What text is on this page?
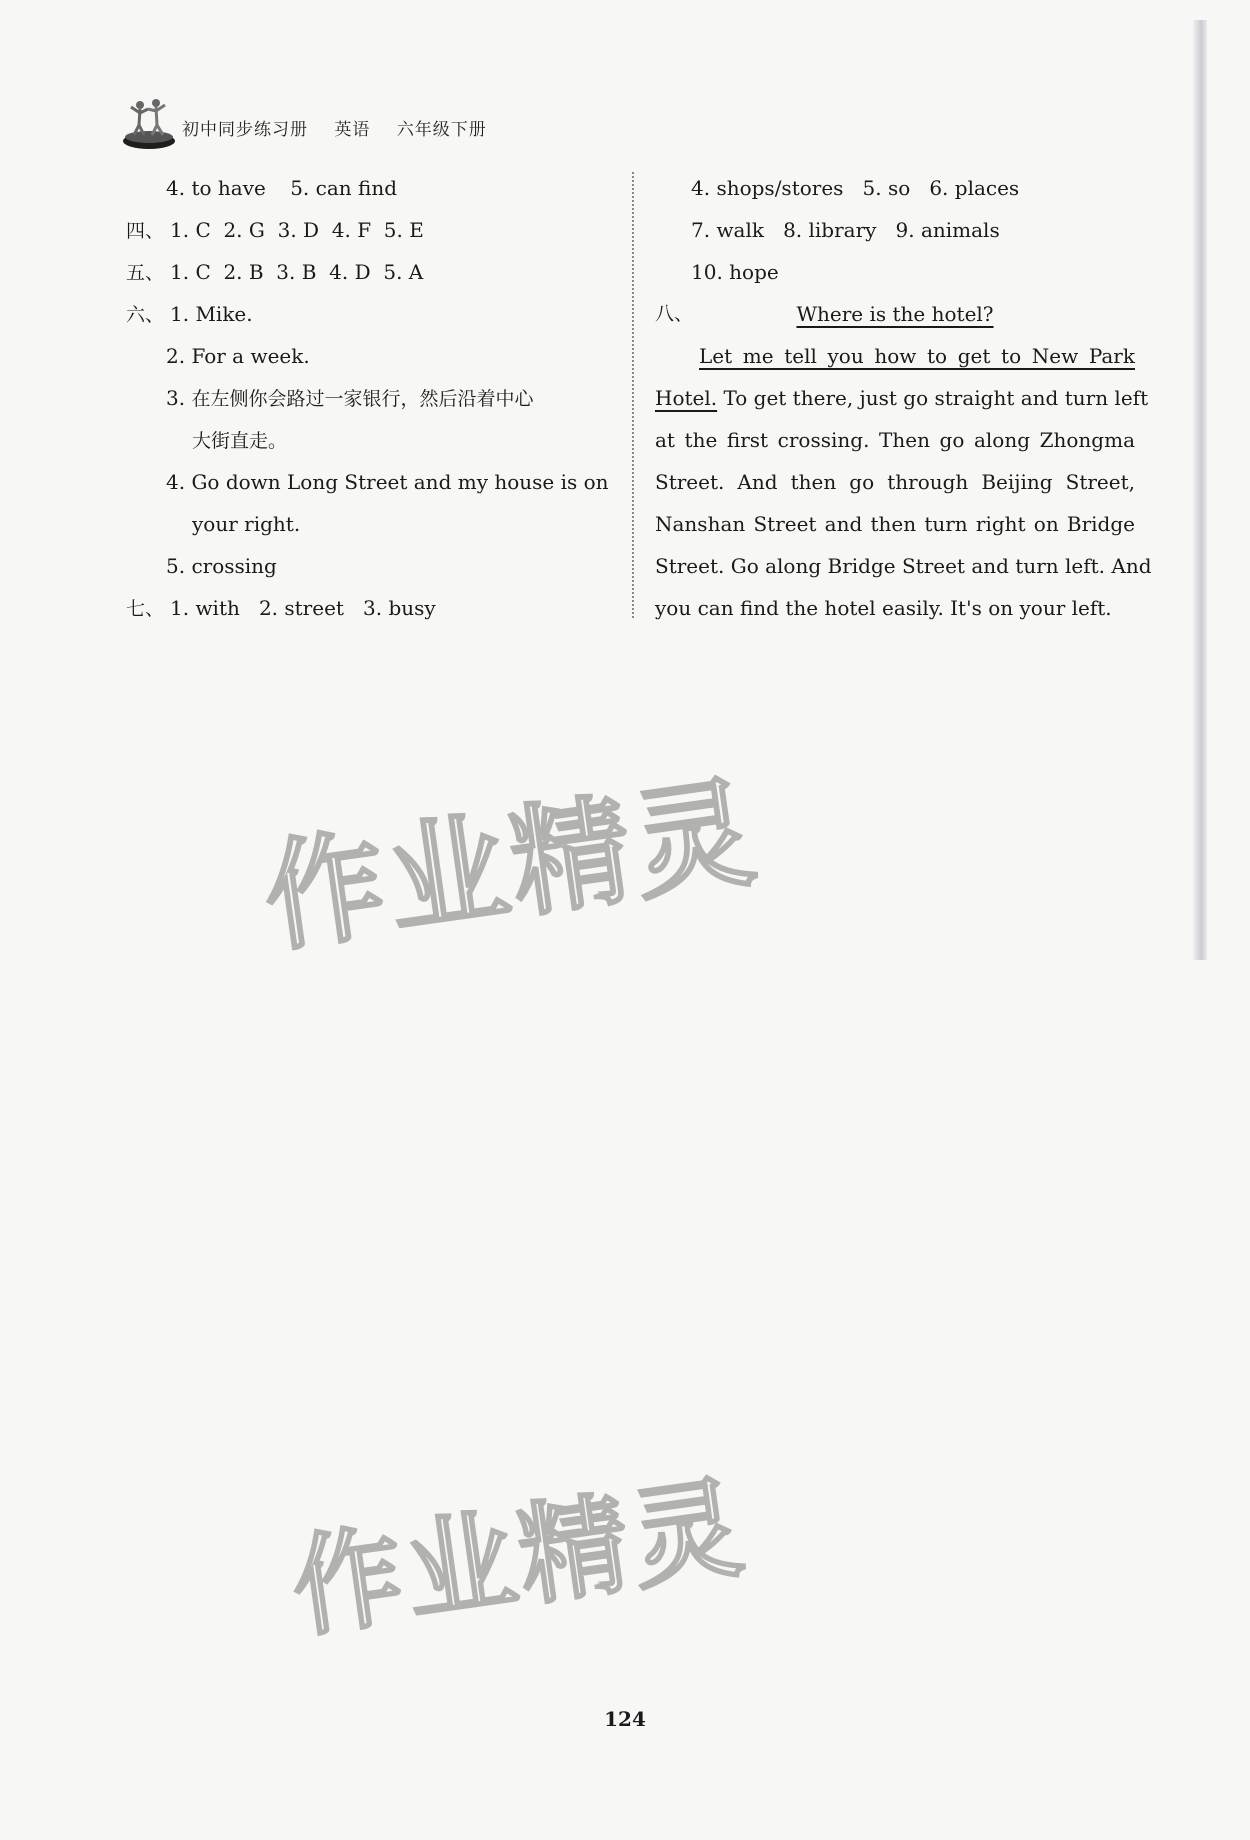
初中同步练习册 英语 六年级下册
4. to have 5. can find
四、 1. C  2. G  3. D  4. F  5. E
五、 1. C  2. B  3. B  4. D  5. A
六、 1. Mike.
2. For a week.
3. 在左侧你会路过一家银行，然后沿着中心
大街直走。
4. Go down Long Street and my house is on
your right.
5. crossing
七、 1. with   2. street   3. busy
4. shops/stores   5. so   6. places
7. walk   8. library   9. animals
10. hope
八、	Where is the hotel?
Let me tell you how to get to New Park
Hotel. To get there, just go straight and turn left
at the first crossing. Then go along Zhongma
Street. And then go through Beijing Street,
Nanshan Street and then turn right on Bridge
Street. Go along Bridge Street and turn left. And
you can find the hotel easily. It's on your left.
作业精灵
作业精灵
124
